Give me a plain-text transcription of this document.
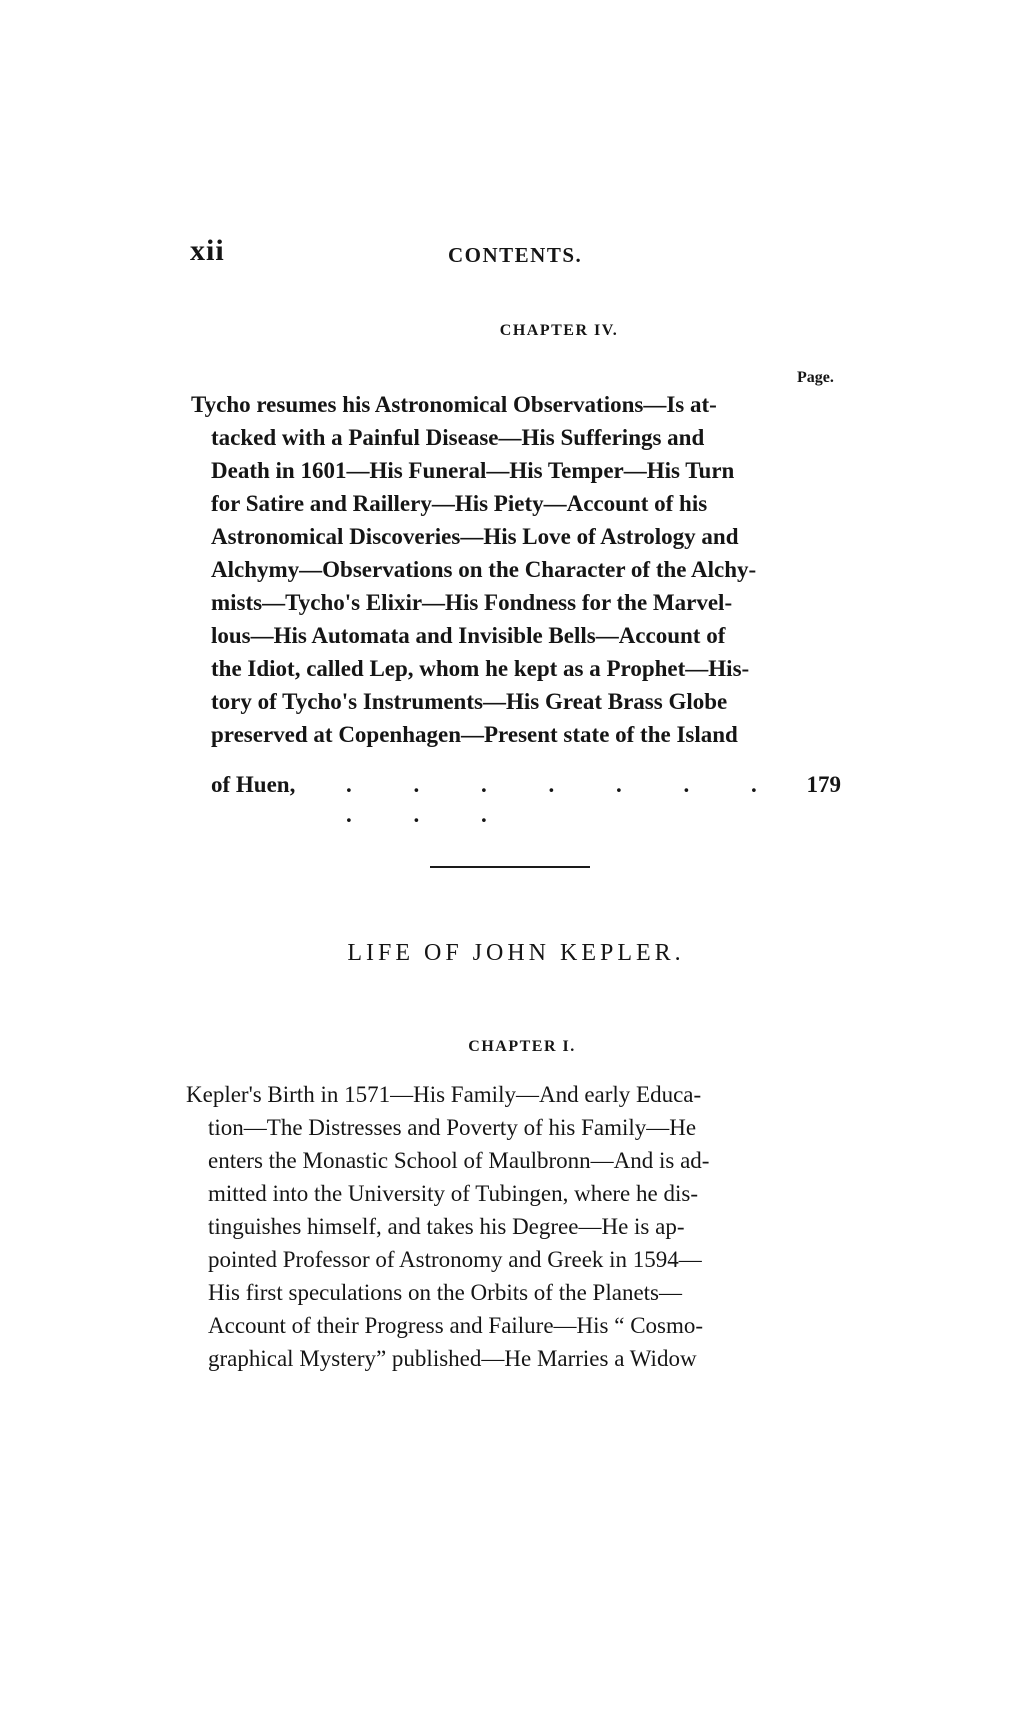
xii	CONTENTS.
CHAPTER IV.
Page.
Tycho resumes his Astronomical Observations—Is at-
tacked with a Painful Disease—His Sufferings and
Death in 1601—His Funeral—His Temper—His Turn
for Satire and Raillery—His Piety—Account of his
Astronomical Discoveries—His Love of Astrology and
Alchymy—Observations on the Character of the Alchy-
mists—Tycho's Elixir—His Fondness for the Marvel-
lous—His Automata and Invisible Bells—Account of
the Idiot, called Lep, whom he kept as a Prophet—His-
tory of Tycho's Instruments—His Great Brass Globe
preserved at Copenhagen—Present state of the Island
of Huen, . . . . . . . . . .
179
LIFE OF JOHN KEPLER.
CHAPTER I.
Kepler's Birth in 1571—His Family—And early Educa-
tion—The Distresses and Poverty of his Family—He
enters the Monastic School of Maulbronn—And is ad-
mitted into the University of Tubingen, where he dis-
tinguishes himself, and takes his Degree—He is ap-
pointed Professor of Astronomy and Greek in 1594—
His first speculations on the Orbits of the Planets—
Account of their Progress and Failure—His “ Cosmo-
graphical Mystery” published—He Marries a Widow
